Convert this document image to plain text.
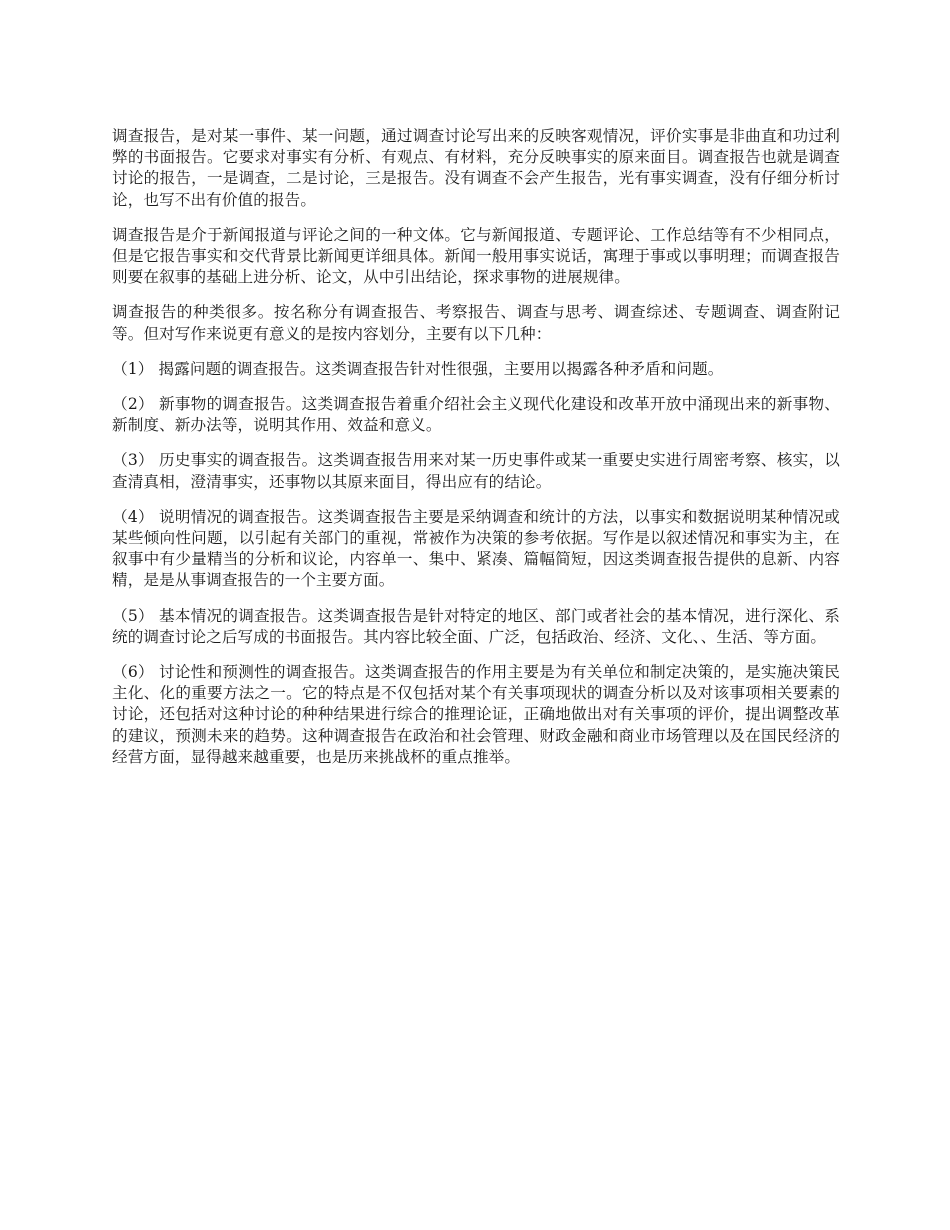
调查报告，是对某一事件、某一问题，通过调查讨论写出来的反映客观情况，评价实事是非曲直和功过利弊的书面报告。它要求对事实有分析、有观点、有材料，充分反映事实的原来面目。调查报告也就是调查讨论的报告，一是调查，二是讨论，三是报告。没有调查不会产生报告，光有事实调查，没有仔细分析讨论，也写不出有价值的报告。

调查报告是介于新闻报道与评论之间的一种文体。它与新闻报道、专题评论、工作总结等有不少相同点，但是它报告事实和交代背景比新闻更详细具体。新闻一般用事实说话，寓理于事或以事明理；而调查报告则要在叙事的基础上进分析、论文，从中引出结论，探求事物的进展规律。

调查报告的种类很多。按名称分有调查报告、考察报告、调查与思考、调查综述、专题调查、调查附记等。但对写作来说更有意义的是按内容划分，主要有以下几种：

（1） 揭露问题的调查报告。这类调查报告针对性很强，主要用以揭露各种矛盾和问题。

（2） 新事物的调查报告。这类调查报告着重介绍社会主义现代化建设和改革开放中涌现出来的新事物、新制度、新办法等，说明其作用、效益和意义。

（3） 历史事实的调查报告。这类调查报告用来对某一历史事件或某一重要史实进行周密考察、核实，以查清真相，澄清事实，还事物以其原来面目，得出应有的结论。

（4） 说明情况的调查报告。这类调查报告主要是采纳调查和统计的方法，以事实和数据说明某种情况或某些倾向性问题，以引起有关部门的重视，常被作为决策的参考依据。写作是以叙述情况和事实为主，在叙事中有少量精当的分析和议论，内容单一、集中、紧凑、篇幅简短，因这类调查报告提供的息新、内容精，是是从事调查报告的一个主要方面。

（5） 基本情况的调查报告。这类调查报告是针对特定的地区、部门或者社会的基本情况，进行深化、系统的调查讨论之后写成的书面报告。其内容比较全面、广泛，包括政治、经济、文化、、生活、等方面。

（6） 讨论性和预测性的调查报告。这类调查报告的作用主要是为有关单位和制定决策的，是实施决策民主化、化的重要方法之一。它的特点是不仅包括对某个有关事项现状的调查分析以及对该事项相关要素的讨论，还包括对这种讨论的种种结果进行综合的推理论证，正确地做出对有关事项的评价，提出调整改革的建议，预测未来的趋势。这种调查报告在政治和社会管理、财政金融和商业市场管理以及在国民经济的经营方面，显得越来越重要，也是历来挑战杯的重点推举。
